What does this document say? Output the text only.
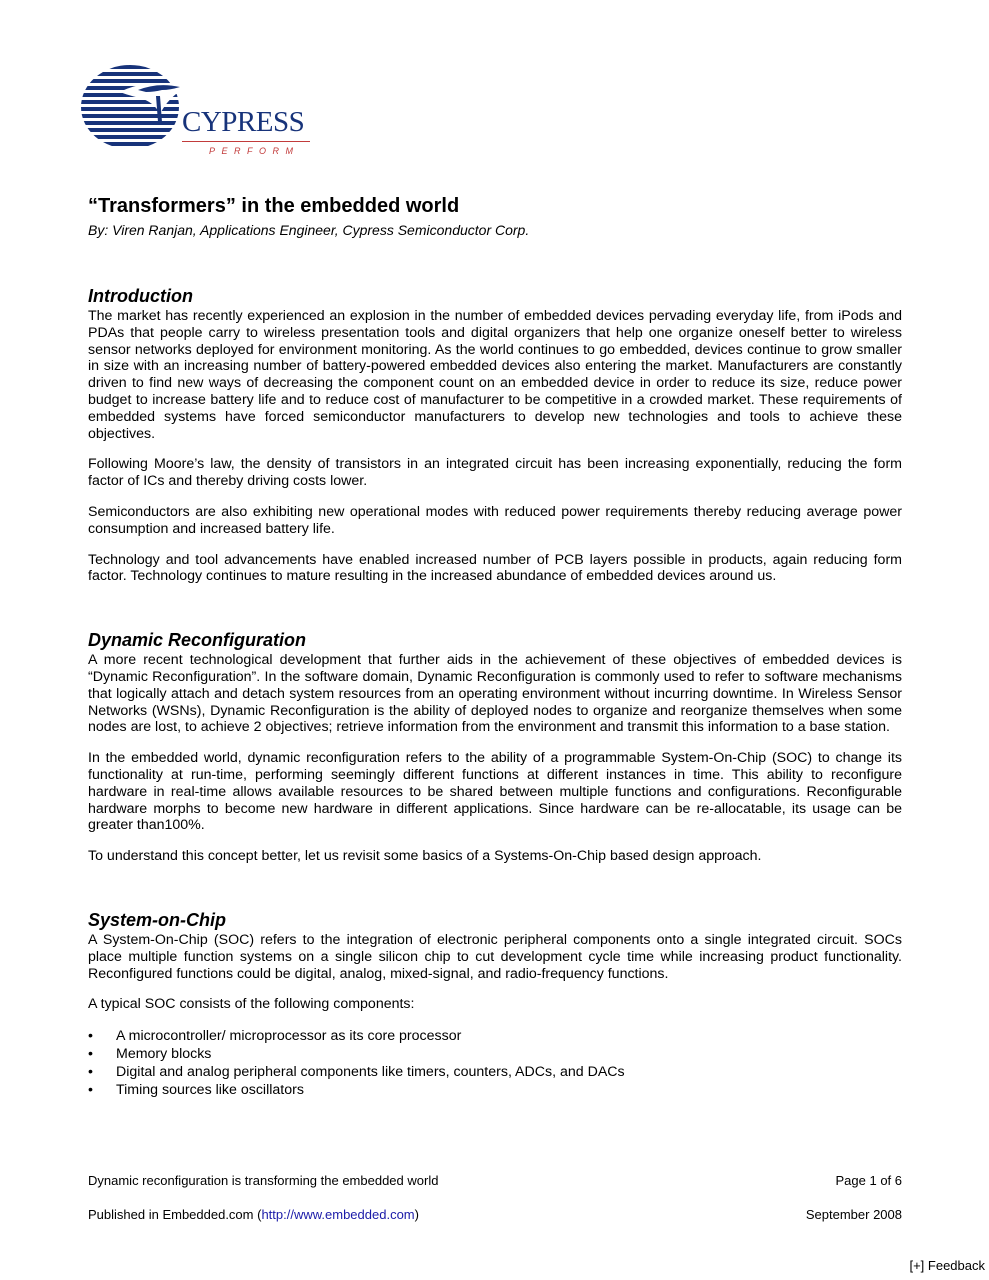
CYPRESS
PERFORM
“Transformers” in the embedded world

By: Viren Ranjan, Applications Engineer, Cypress Semiconductor Corp.

Introduction

The market has recently experienced an explosion in the number of embedded devices pervading everyday life, from iPods and PDAs that people carry to wireless presentation tools and digital organizers that help one organize oneself better to wireless sensor networks deployed for environment monitoring. As the world continues to go embedded, devices continue to grow smaller in size with an increasing number of battery-powered embedded devices also entering the market. Manufacturers are constantly driven to find new ways of decreasing the component count on an embedded device in order to reduce its size, reduce power budget to increase battery life and to reduce cost of manufacturer to be competitive in a crowded market. These requirements of embedded systems have forced semiconductor manufacturers to develop new technologies and tools to achieve these objectives.

Following Moore’s law, the density of transistors in an integrated circuit has been increasing exponentially, reducing the form factor of ICs and thereby driving costs lower.

Semiconductors are also exhibiting new operational modes with reduced power requirements thereby reducing average power consumption and increased battery life.

Technology and tool advancements have enabled increased number of PCB layers possible in products, again reducing form factor. Technology continues to mature resulting in the increased abundance of embedded devices around us.

Dynamic Reconfiguration

A more recent technological development that further aids in the achievement of these objectives of embedded devices is “Dynamic Reconfiguration”. In the software domain, Dynamic Reconfiguration is commonly used to refer to software mechanisms that logically attach and detach system resources from an operating environment without incurring downtime. In Wireless Sensor Networks (WSNs), Dynamic Reconfiguration is the ability of deployed nodes to organize and reorganize themselves when some nodes are lost, to achieve 2 objectives; retrieve information from the environment and transmit this information to a base station.

In the embedded world, dynamic reconfiguration refers to the ability of a programmable System-On-Chip (SOC) to change its functionality at run-time, performing seemingly different functions at different instances in time. This ability to reconfigure hardware in real-time allows available resources to be shared between multiple functions and configurations. Reconfigurable hardware morphs to become new hardware in different applications. Since hardware can be re-allocatable, its usage can be greater than100%.

To understand this concept better, let us revisit some basics of a Systems-On-Chip based design approach.

System-on-Chip

A System-On-Chip (SOC) refers to the integration of electronic peripheral components onto a single integrated circuit. SOCs place multiple function systems on a single silicon chip to cut development cycle time while increasing product functionality. Reconfigured functions could be digital, analog, mixed-signal, and radio-frequency functions.

A typical SOC consists of the following components:

• A microcontroller/ microprocessor as its core processor
• Memory blocks
• Digital and analog peripheral components like timers, counters, ADCs, and DACs
• Timing sources like oscillators
Dynamic reconfiguration is transforming the embedded world	Page 1 of 6
Published in Embedded.com (http://www.embedded.com)	September 2008
[+] Feedback
